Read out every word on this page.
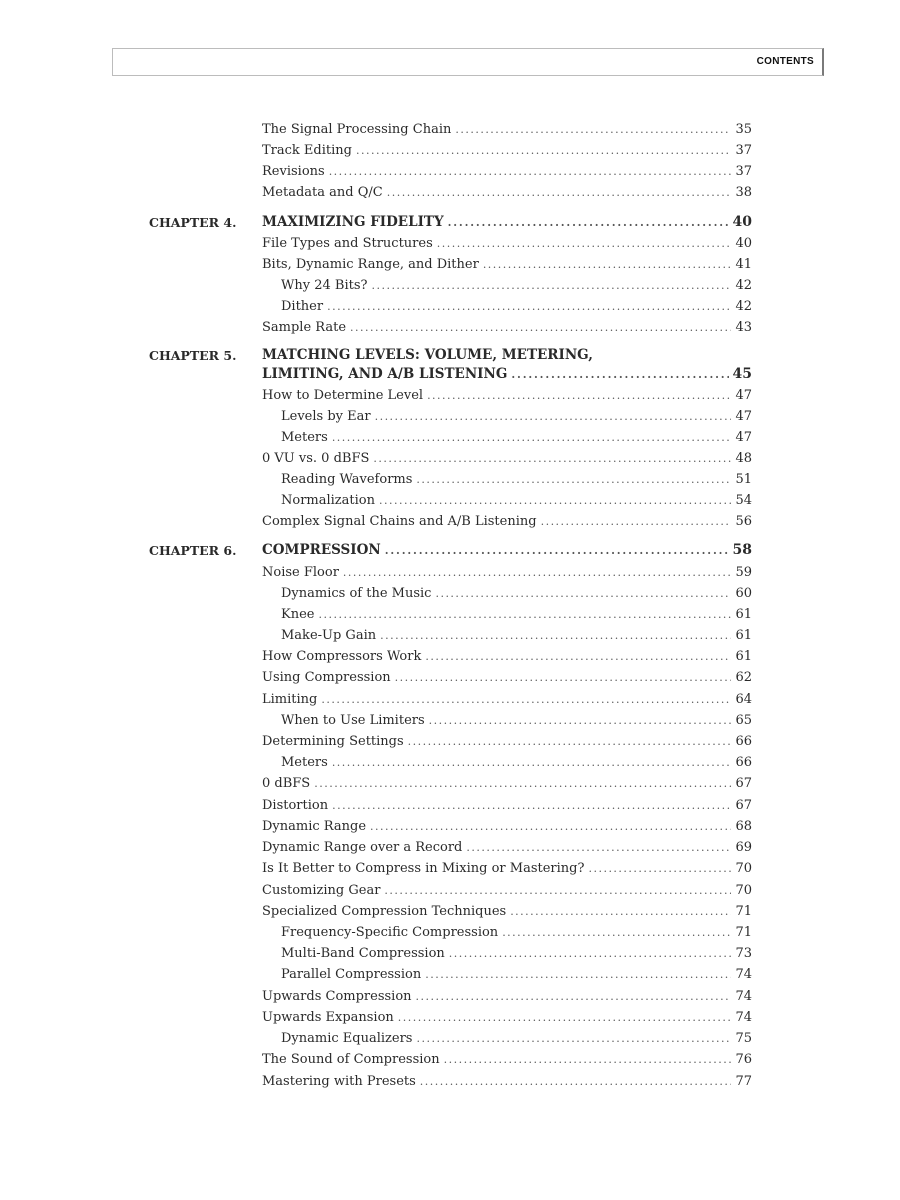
CONTENTS
The Signal Processing Chain . . .	35
Track Editing . . .	37
Revisions . . .	37
Metadata and Q/C . . .	38
CHAPTER 4. MAXIMIZING FIDELITY . . .	40
File Types and Structures . . .	40
Bits, Dynamic Range, and Dither . . .	41
Why 24 Bits? . . .	42
Dither . . .	42
Sample Rate . . .	43
CHAPTER 5. MATCHING LEVELS: VOLUME, METERING,
LIMITING, AND A/B LISTENING . . .	45
How to Determine Level . . .	47
Levels by Ear . . .	47
Meters . . .	47
0 VU vs. 0 dBFS . . .	48
Reading Waveforms . . .	51
Normalization . . .	54
Complex Signal Chains and A/B Listening . . .	56
CHAPTER 6. COMPRESSION . . .	58
Noise Floor . . .	59
Dynamics of the Music . . .	60
Knee . . .	61
Make-Up Gain . . .	61
How Compressors Work . . .	61
Using Compression . . .	62
Limiting . . .	64
When to Use Limiters . . .	65
Determining Settings . . .	66
Meters . . .	66
0 dBFS . . .	67
Distortion . . .	67
Dynamic Range . . .	68
Dynamic Range over a Record . . .	69
Is It Better to Compress in Mixing or Mastering? . . .	70
Customizing Gear . . .	70
Specialized Compression Techniques . . .	71
Frequency-Specific Compression . . .	71
Multi-Band Compression . . .	73
Parallel Compression . . .	74
Upwards Compression . . .	74
Upwards Expansion . . .	74
Dynamic Equalizers . . .	75
The Sound of Compression . . .	76
Mastering with Presets . . .	77
